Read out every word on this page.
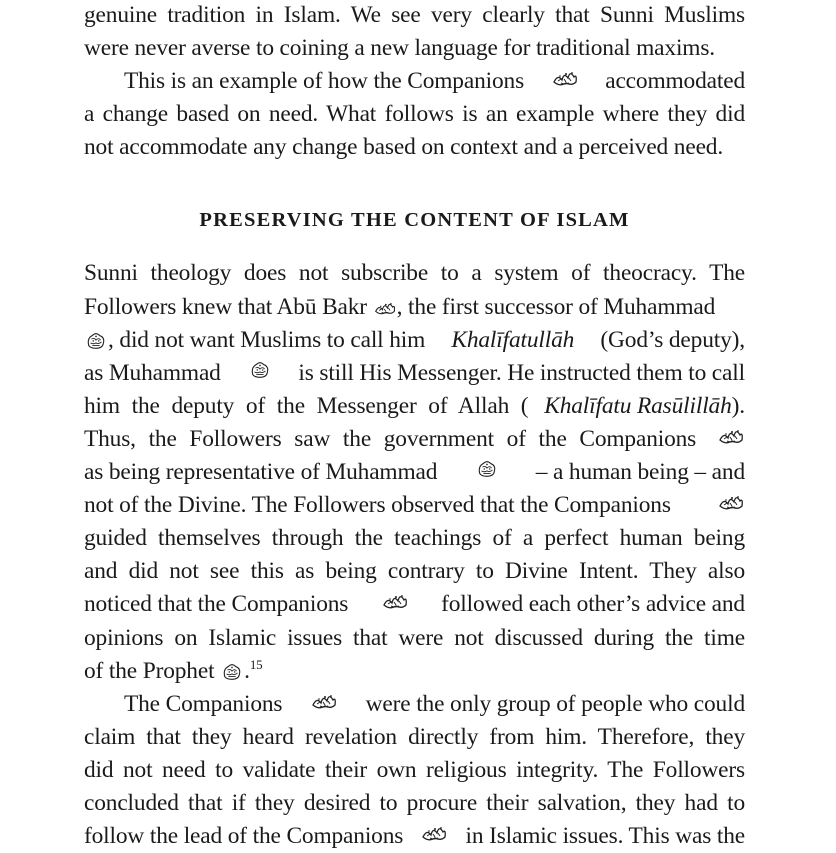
genuine tradition in Islam. We see very clearly that Sunni Muslims
were never averse to coining a new language for traditional maxims.
This is an example of how the Companions	accommodated
a change based on need. What follows is an example where they did
not accommodate any change based on context and a perceived need.
PRESERVING THE CONTENT OF ISLAM
Sunni theology does not subscribe to a system of theocracy. The
Followers knew that Abū Bakr , the first successor of Muhammad
, did not want Muslims to call him Khalīfatullāh (God’s deputy),
as Muhammad	is still His Messenger. He instructed them to call
him the deputy of the Messenger of Allah ( Khalīfatu Rasūlillāh).
Thus, the Followers saw the government of the Companions
as being representative of Muhammad	– a human being – and
not of the Divine. The Followers observed that the Companions
guided themselves through the teachings of a perfect human being
and did not see this as being contrary to Divine Intent. They also
noticed that the Companions	followed each other’s advice and
opinions on Islamic issues that were not discussed during the time
of the Prophet .$^{15}$
The Companions	were the only group of people who could
claim that they heard revelation directly from him. Therefore, they
did not need to validate their own religious integrity. The Followers
concluded that if they desired to procure their salvation, they had to
follow the lead of the Companions	in Islamic issues. This was the
